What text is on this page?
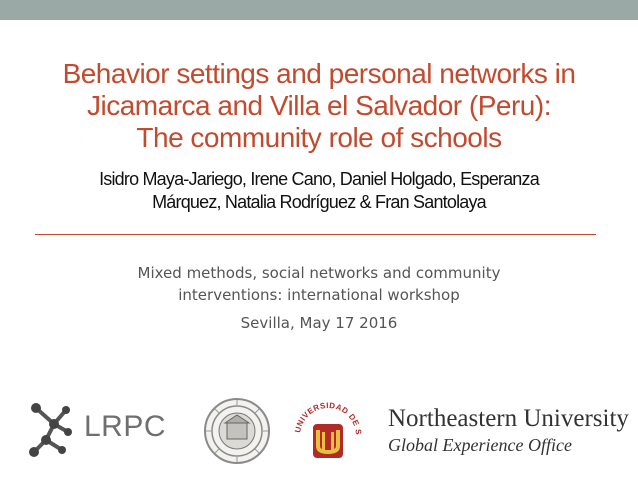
Behavior settings and personal networks in
Jicamarca and Villa el Salvador (Peru):
The community role of schools
Isidro Maya-Jariego, Irene Cano, Daniel Holgado, Esperanza
Márquez, Natalia Rodríguez & Fran Santolaya
Mixed methods, social networks and community
interventions: international workshop
Sevilla, May 17 2016
LRPC	UNIVERSIDAD DE S
Northeastern University
Global Experience Office
